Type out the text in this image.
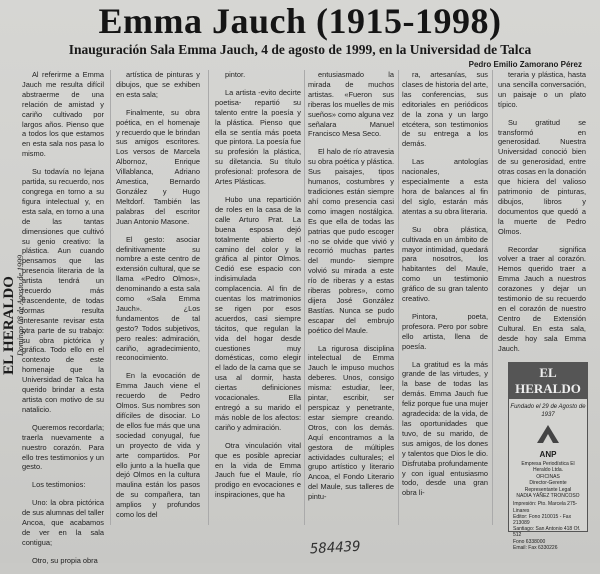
Emma Jauch (1915-1998)
Inauguración Sala Emma Jauch, 4 de agosto de 1999, en la Universidad de Talca
Pedro Emilio Zamorano Pérez
EL HERALDO Domingo 08 de Agosto de 1999

Al referirme a Emma Jauch me resulta difícil abstraerme de una relación de amistad y cariño cultivado por largos años. Pienso que a todos los que estamos en esta sala nos pasa lo mismo.

Su todavía no lejana partida, su recuerdo, nos congrega en torno a su figura intelectual y, en esta sala, en torno a una de las tantas dimensiones que cultivó su genio creativo: la plástica. Aun cuando pensamos que las presencia literaria de la artista tendrá un recuerdo más trascendente, de todas formas resulta interesante revisar esta otra parte de su trabajo: su obra pictórica y gráfica. Todo ello en el contexto de este homenaje que la Universidad de Talca ha querido brindar a esta artista con motivo de su natalicio.

Queremos recordarla; traerla nuevamente a nuestro corazón. Para ello tres testimonios y un gesto.

Los testimonios:

Uno: la obra pictórica de sus alumnas del taller Ancoa, que acabamos de ver en la sala contigua;

Otro, su propia obra

artística de pinturas y dibujos, que se exhiben en esta sala;

Finalmente, su obra poética, en el homenaje y recuerdo que le brindan sus amigos escritores. Los versos de Marcela Albornoz, Enrique Villablanca, Adriano Amestica, Bernardo González y Hugo Meltdorf. También las palabras del escritor Juan Antonio Masone.

El gesto: asociar definitivamente su nombre a este centro de extensión cultural, que se llama «Pedro Olmos», denominando a esta sala como «Sala Emma Jauch». ¿Los fundamentos de tal gesto? Todos subjetivos, pero reales: admiración, cariño, agradecimiento, reconocimiento.

En la evocación de Emma Jauch viene el recuerdo de Pedro Olmos. Sus nombres son difíciles de disociar. Lo de ellos fue más que una sociedad conyugal, fue un proyecto de vida y arte compartidos. Por ello junto a la huella que dejó Olmos en la cultura maulina están los pasos de su compañera, tan amplios y profundos como los del

pintor.

La artista -evito decirte poetisa- repartió su talento entre la poesía y la plástica. Pienso que ella se sentía más poeta que pintora. La poesía fue su profesión la plástica, su diletancia. Su título profesional: profesora de Artes Plásticas.

Hubo una repartición de roles en la casa de la calle Arturo Prat. La buena esposa dejó totalmente abierto el camino del color y la gráfica al pintor Olmos. Cedió ese espacio con indisimulada complacencia. Al fin de cuentas los matrimonios se rigen por esos acuerdos, casi siempre tácitos, que regulan la vida del hogar desde cuestiones muy domésticas, como elegir el lado de la cama que se usa al dormir, hasta ciertas definiciones vocacionales. Ella entregó a su marido el más noble de los afectos: cariño y admiración.

Otra vinculación vital que es posible apreciar en la vida de Emma Jauch fue el Maule, río prodigo en evocaciones e inspiraciones, que ha

entusiasmado la mirada de muchos artistas. «Fueron sus riberas los muelles de mis sueños» como alguna vez señalara Manuel Francisco Mesa Seco.

El halo de río atravesia su obra poética y plástica. Sus paisajes, tipos humanos, costumbres y tradiciones están siempre ahí como presencia casi como imagen nostálgica. Es que ella de todas las patrias que pudo escoger -no se olvide que vivió y recorrió muchas partes del mundo- siempre volvió su mirada a este río de riberas y a estas riberas pobres», como dijera José González Bastías. Nunca se pudo escapar del embrujo poético del Maule.

La rigurosa disciplina intelectual de Emma Jauch le impuso muchos deberes. Unos, consigo misma: estudiar, leer, pintar, escribir, ser perspicaz y penetrante, estar siempre creando. Otros, con los demás. Aquí encontramos a la gestora de múltiples actividades culturales; el grupo artístico y literario Ancoa, el Fondo Literario del Maule, sus talleres de pintu-

ra, artesanías, sus clases de historia del arte, las conferencias, sus editoriales en periódicos de la zona y un largo etcétera, son testimonios de su entrega a los demás.

Las antologías nacionales, especialmente a esta hora de balances al fin del siglo, estarán más atentas a su obra literaria.

Su obra plástica, cultivada en un ámbito de mayor intimidad, quedará para nosotros, los habitantes del Maule, como un testimonio gráfico de su gran talento creativo.

Pintora, poeta, profesora. Pero por sobre ello artista, llena de poesía.

La gratitud es la más grande de las virtudes, y la base de todas las demás. Emma Jauch fue feliz porque fue una mujer agradecida: de la vida, de las oportunidades que tuvo, de su marido, de sus amigos, de los dones y talentos que Dios le dio. Disfrutaba profundamente y con igual entusiasmo todo, desde una gran obra li-

teraria y plástica, hasta una sencilla conversación, un paisaje o un plato típico.

Su gratitud se transformó en generosidad. Nuestra Universidad conoció bien de su generosidad, entre otras cosas en la donación que hiciera del valioso patrimonio de pinturas, dibujos, libros y documentos que quedó a la muerte de Pedro Olmos.

Recordar significa volver a traer al corazón. Hemos querido traer a Emma Jauch a nuestros corazones y dejar un testimonio de su recuerdo en el corazón de nuestro Centro de Extensión Cultural. En esta sala, desde hoy sala Emma Jauch.

EL HERALDO
Fundado el 29 de Agosto de 1937
ANP
Empresa Periodística El Heraldo Ltda.
OFICINAS
Director-Gerente
Representante Legal
NADIA YÁÑEZ TRONCOSO
Impresión: Pto. Marcela 275-Linares
Editor: Fono 210015 - Fax 213089
Santiago: San Antonio 418 Of. 512
Fono 6338000
Email: Fax 6330226
584439
